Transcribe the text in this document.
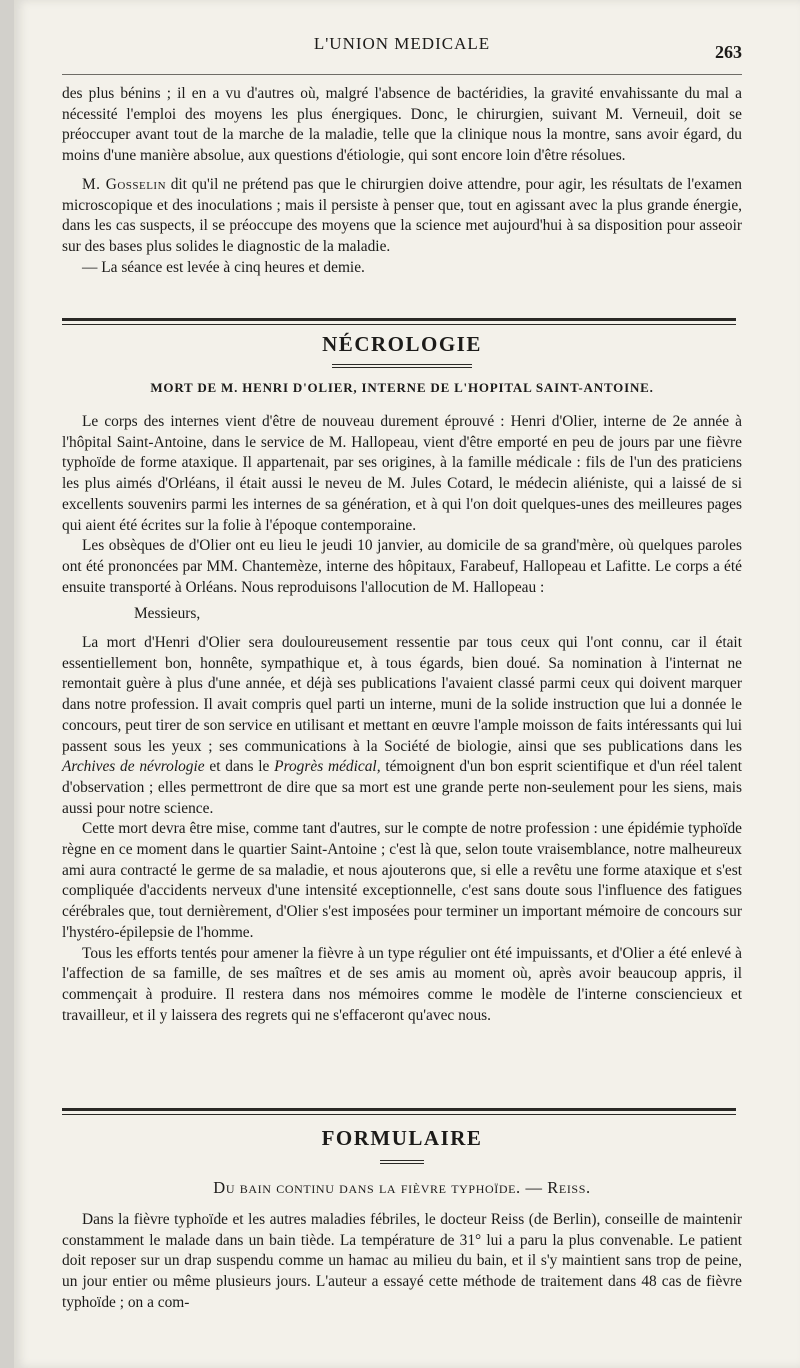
L'UNION MEDICALE	263

des plus bénins ; il en a vu d'autres où, malgré l'absence de bactéridies, la gravité envahissante du mal a nécessité l'emploi des moyens les plus énergiques. Donc, le chirurgien, suivant M. Verneuil, doit se préoccuper avant tout de la marche de la maladie, telle que la clinique nous la montre, sans avoir égard, du moins d'une manière absolue, aux questions d'étiologie, qui sont encore loin d'être résolues.

M. Gosselin dit qu'il ne prétend pas que le chirurgien doive attendre, pour agir, les résultats de l'examen microscopique et des inoculations ; mais il persiste à penser que, tout en agissant avec la plus grande énergie, dans les cas suspects, il se préoccupe des moyens que la science met aujourd'hui à sa disposition pour asseoir sur des bases plus solides le diagnostic de la maladie.

— La séance est levée à cinq heures et demie.

NÉCROLOGIE
MORT DE M. HENRI D'OLIER, INTERNE DE L'HOPITAL SAINT-ANTOINE.

Le corps des internes vient d'être de nouveau durement éprouvé : Henri d'Olier, interne de 2e année à l'hôpital Saint-Antoine, dans le service de M. Hallopeau, vient d'être emporté en peu de jours par une fièvre typhoïde de forme ataxique. Il appartenait, par ses origines, à la famille médicale : fils de l'un des praticiens les plus aimés d'Orléans, il était aussi le neveu de M. Jules Cotard, le médecin aliéniste, qui a laissé de si excellents souvenirs parmi les internes de sa génération, et à qui l'on doit quelques-unes des meilleures pages qui aient été écrites sur la folie à l'époque contemporaine.

Les obsèques de d'Olier ont eu lieu le jeudi 10 janvier, au domicile de sa grand'mère, où quelques paroles ont été prononcées par MM. Chantemèze, interne des hôpitaux, Farabeuf, Hallopeau et Lafitte. Le corps a été ensuite transporté à Orléans. Nous reproduisons l'allocution de M. Hallopeau :

Messieurs,

La mort d'Henri d'Olier sera douloureusement ressentie par tous ceux qui l'ont connu, car il était essentiellement bon, honnête, sympathique et, à tous égards, bien doué. Sa nomination à l'internat ne remontait guère à plus d'une année, et déjà ses publications l'avaient classé parmi ceux qui doivent marquer dans notre profession. Il avait compris quel parti un interne, muni de la solide instruction que lui a donnée le concours, peut tirer de son service en utilisant et mettant en œuvre l'ample moisson de faits intéressants qui lui passent sous les yeux ; ses communications à la Société de biologie, ainsi que ses publications dans les Archives de névrologie et dans le Progrès médical, témoignent d'un bon esprit scientifique et d'un réel talent d'observation ; elles permettront de dire que sa mort est une grande perte non-seulement pour les siens, mais aussi pour notre science.

Cette mort devra être mise, comme tant d'autres, sur le compte de notre profession : une épidémie typhoïde règne en ce moment dans le quartier Saint-Antoine ; c'est là que, selon toute vraisemblance, notre malheureux ami aura contracté le germe de sa maladie, et nous ajouterons que, si elle a revêtu une forme ataxique et s'est compliquée d'accidents nerveux d'une intensité exceptionnelle, c'est sans doute sous l'influence des fatigues cérébrales que, tout dernièrement, d'Olier s'est imposées pour terminer un important mémoire de concours sur l'hystéro-épilepsie de l'homme.

Tous les efforts tentés pour amener la fièvre à un type régulier ont été impuissants, et d'Olier a été enlevé à l'affection de sa famille, de ses maîtres et de ses amis au moment où, après avoir beaucoup appris, il commençait à produire. Il restera dans nos mémoires comme le modèle de l'interne consciencieux et travailleur, et il y laissera des regrets qui ne s'effaceront qu'avec nous.

FORMULAIRE
Du bain continu dans la fièvre typhoïde. — Reiss.

Dans la fièvre typhoïde et les autres maladies fébriles, le docteur Reiss (de Berlin), conseille de maintenir constamment le malade dans un bain tiède. La température de 31° lui a paru la plus convenable. Le patient doit reposer sur un drap suspendu comme un hamac au milieu du bain, et il s'y maintient sans trop de peine, un jour entier ou même plusieurs jours. L'auteur a essayé cette méthode de traitement dans 48 cas de fièvre typhoïde ; on a com-
